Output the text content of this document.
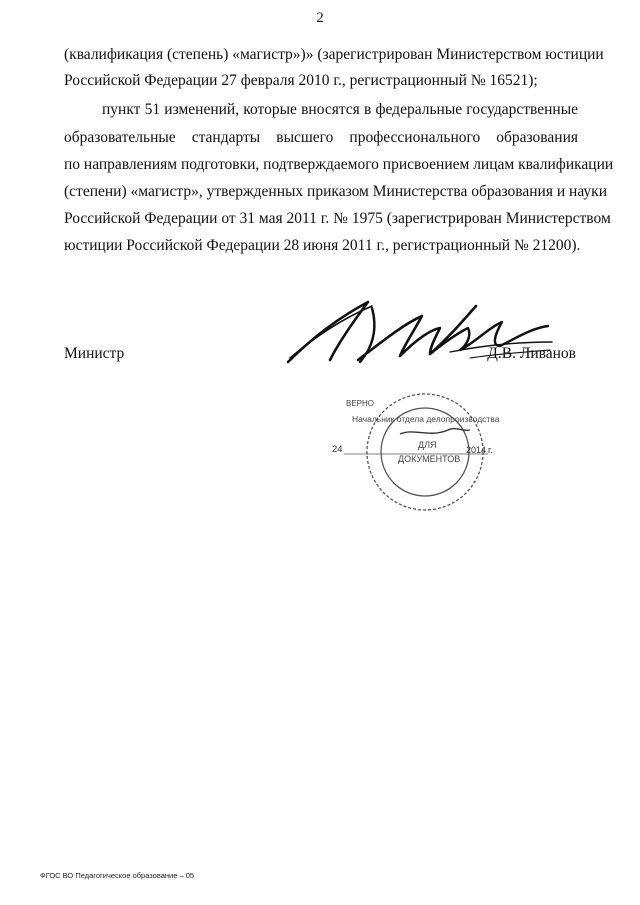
2
(квалификация (степень) «магистр»)» (зарегистрирован Министерством юстиции
Российской Федерации 27 февраля 2010 г., регистрационный № 16521);
пункт 51 изменений, которые вносятся в федеральные государственные
образовательные стандарты высшего профессионального образования
по направлениям подготовки, подтверждаемого присвоением лицам квалификации
(степени) «магистр», утвержденных приказом Министерства образования и науки
Российской Федерации от 31 мая 2011 г. № 1975 (зарегистрирован Министерством
юстиции Российской Федерации 28 июня 2011 г., регистрационный № 21200).
Министр	Д.В. Ливанов
ВЕРНО
Начальник отдела делопроизводства
24	ДЛЯ
ДОКУМЕНТОВ
2014 г.
ФГОС ВО Педагогическое образование – 05
